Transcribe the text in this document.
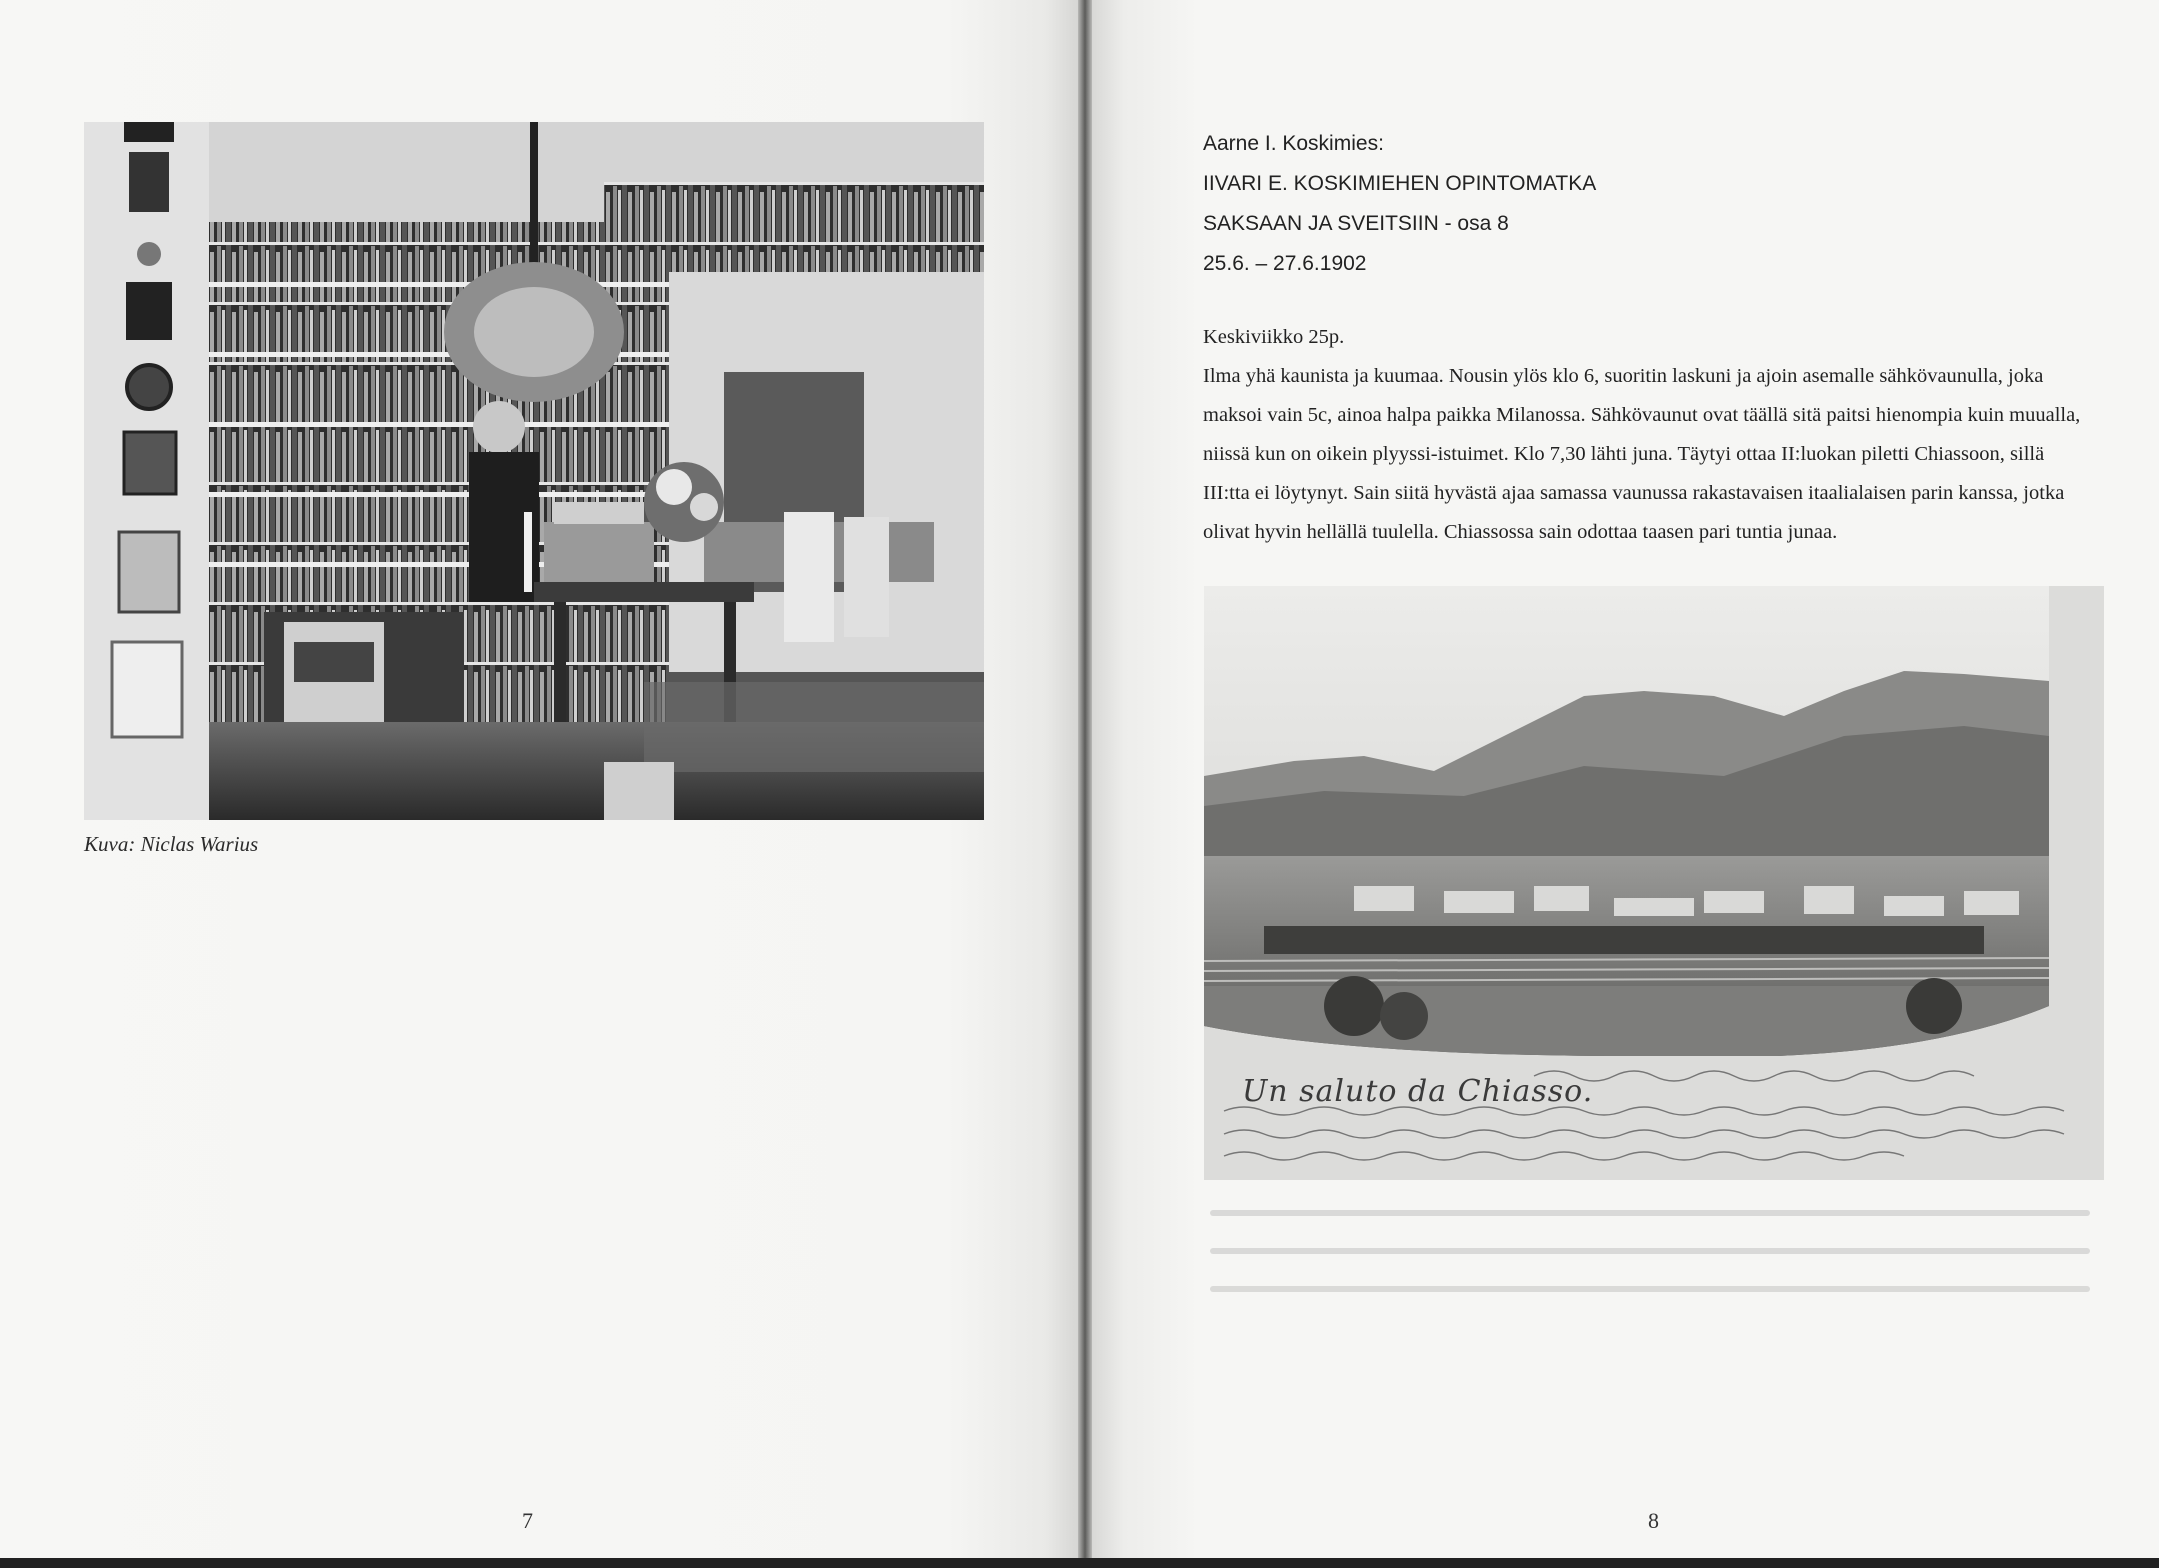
Kuva: Niclas Warius
7
Aarne I. Koskimies:
IIVARI E. KOSKIMIEHEN OPINTOMATKA
SAKSAAN JA SVEITSIIN - osa 8
25.6. – 27.6.1902

Keskiviikko 25p.

Ilma yhä kaunista ja kuumaa. Nousin ylös klo 6, suoritin laskuni ja ajoin asemalle sähkövaunulla, joka maksoi vain 5c, ainoa halpa paikka Milanossa. Sähkövaunut ovat täällä sitä paitsi hienompia kuin muualla, niissä kun on oikein plyyssi-istuimet. Klo 7,30 lähti juna. Täytyi ottaa II:luokan piletti Chiassoon, sillä III:tta ei löytynyt. Sain siitä hyvästä ajaa samassa vaunussa rakastavaisen itaalialaisen parin kanssa, jotka olivat hyvin hellällä tuulella. Chiassossa sain odottaa taasen pari tuntia junaa.

Un saluto da Chiasso.
8
